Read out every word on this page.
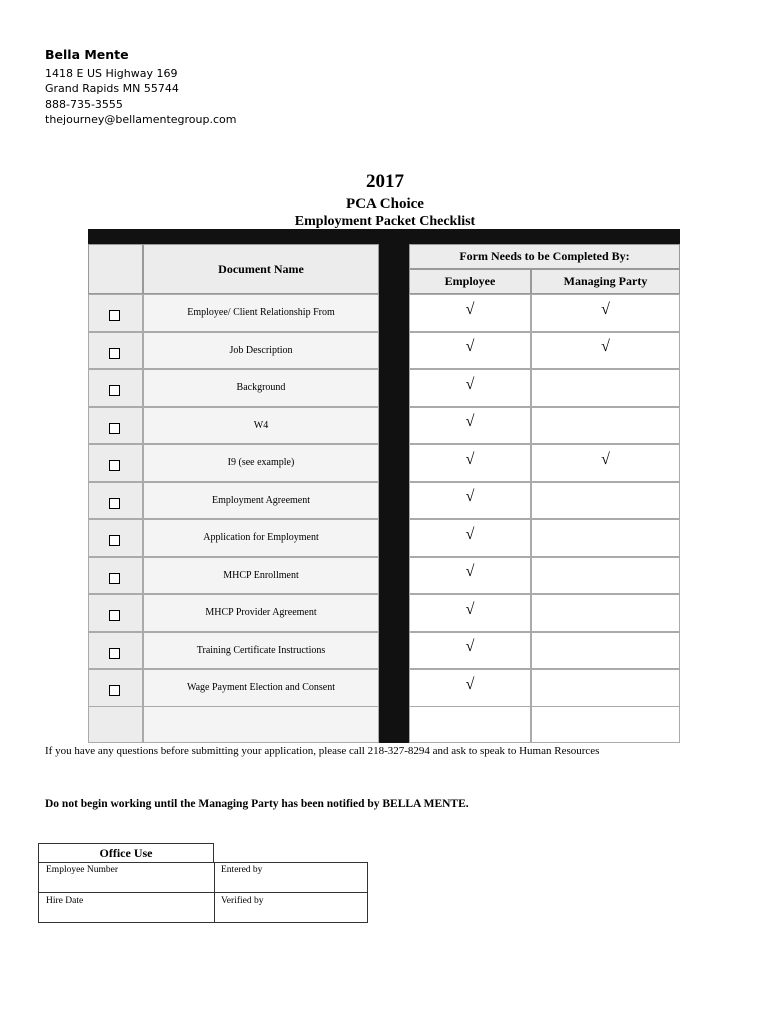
Bella Mente
1418 E US Highway 169
Grand Rapids MN 55744
888-735-3555
thejourney@bellamentegroup.com
2017
PCA Choice
Employment Packet Checklist
Document Name
Form Needs to be Completed By:
Employee	Managing Party
Employee/ Client Relationship From	√	√
Job Description	√	√
Background	√
W4	√
I9 (see example)	√	√
Employment Agreement	√
Application for Employment	√
MHCP Enrollment	√
MHCP Provider Agreement	√
Training Certificate Instructions	√
Wage Payment Election and Consent	√
If you have any questions before submitting your application, please call 218-327-8294 and ask to speak to Human Resources
Do not begin working until the Managing Party has been notified by BELLA MENTE.
Office Use
Employee Number	Entered by
Hire Date	Verified by
